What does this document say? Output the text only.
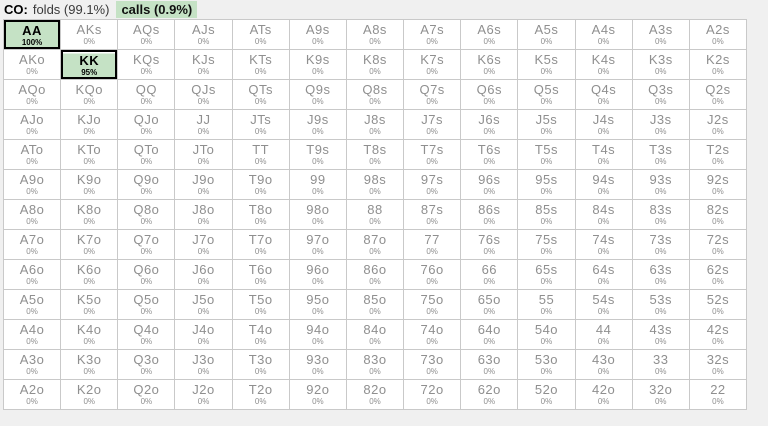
CO: folds (99.1%) calls (0.9%)
AA
100%
AKs
0%
AQs
0%
AJs
0%
ATs
0%
A9s
0%
A8s
0%
A7s
0%
A6s
0%
A5s
0%
A4s
0%
A3s
0%
A2s
0%
AKo
0%
KK
95%
KQs
0%
KJs
0%
KTs
0%
K9s
0%
K8s
0%
K7s
0%
K6s
0%
K5s
0%
K4s
0%
K3s
0%
K2s
0%
AQo
0%
KQo
0%
QQ
0%
QJs
0%
QTs
0%
Q9s
0%
Q8s
0%
Q7s
0%
Q6s
0%
Q5s
0%
Q4s
0%
Q3s
0%
Q2s
0%
AJo
0%
KJo
0%
QJo
0%
JJ
0%
JTs
0%
J9s
0%
J8s
0%
J7s
0%
J6s
0%
J5s
0%
J4s
0%
J3s
0%
J2s
0%
ATo
0%
KTo
0%
QTo
0%
JTo
0%
TT
0%
T9s
0%
T8s
0%
T7s
0%
T6s
0%
T5s
0%
T4s
0%
T3s
0%
T2s
0%
A9o
0%
K9o
0%
Q9o
0%
J9o
0%
T9o
0%
99
0%
98s
0%
97s
0%
96s
0%
95s
0%
94s
0%
93s
0%
92s
0%
A8o
0%
K8o
0%
Q8o
0%
J8o
0%
T8o
0%
98o
0%
88
0%
87s
0%
86s
0%
85s
0%
84s
0%
83s
0%
82s
0%
A7o
0%
K7o
0%
Q7o
0%
J7o
0%
T7o
0%
97o
0%
87o
0%
77
0%
76s
0%
75s
0%
74s
0%
73s
0%
72s
0%
A6o
0%
K6o
0%
Q6o
0%
J6o
0%
T6o
0%
96o
0%
86o
0%
76o
0%
66
0%
65s
0%
64s
0%
63s
0%
62s
0%
A5o
0%
K5o
0%
Q5o
0%
J5o
0%
T5o
0%
95o
0%
85o
0%
75o
0%
65o
0%
55
0%
54s
0%
53s
0%
52s
0%
A4o
0%
K4o
0%
Q4o
0%
J4o
0%
T4o
0%
94o
0%
84o
0%
74o
0%
64o
0%
54o
0%
44
0%
43s
0%
42s
0%
A3o
0%
K3o
0%
Q3o
0%
J3o
0%
T3o
0%
93o
0%
83o
0%
73o
0%
63o
0%
53o
0%
43o
0%
33
0%
32s
0%
A2o
0%
K2o
0%
Q2o
0%
J2o
0%
T2o
0%
92o
0%
82o
0%
72o
0%
62o
0%
52o
0%
42o
0%
32o
0%
22
0%
